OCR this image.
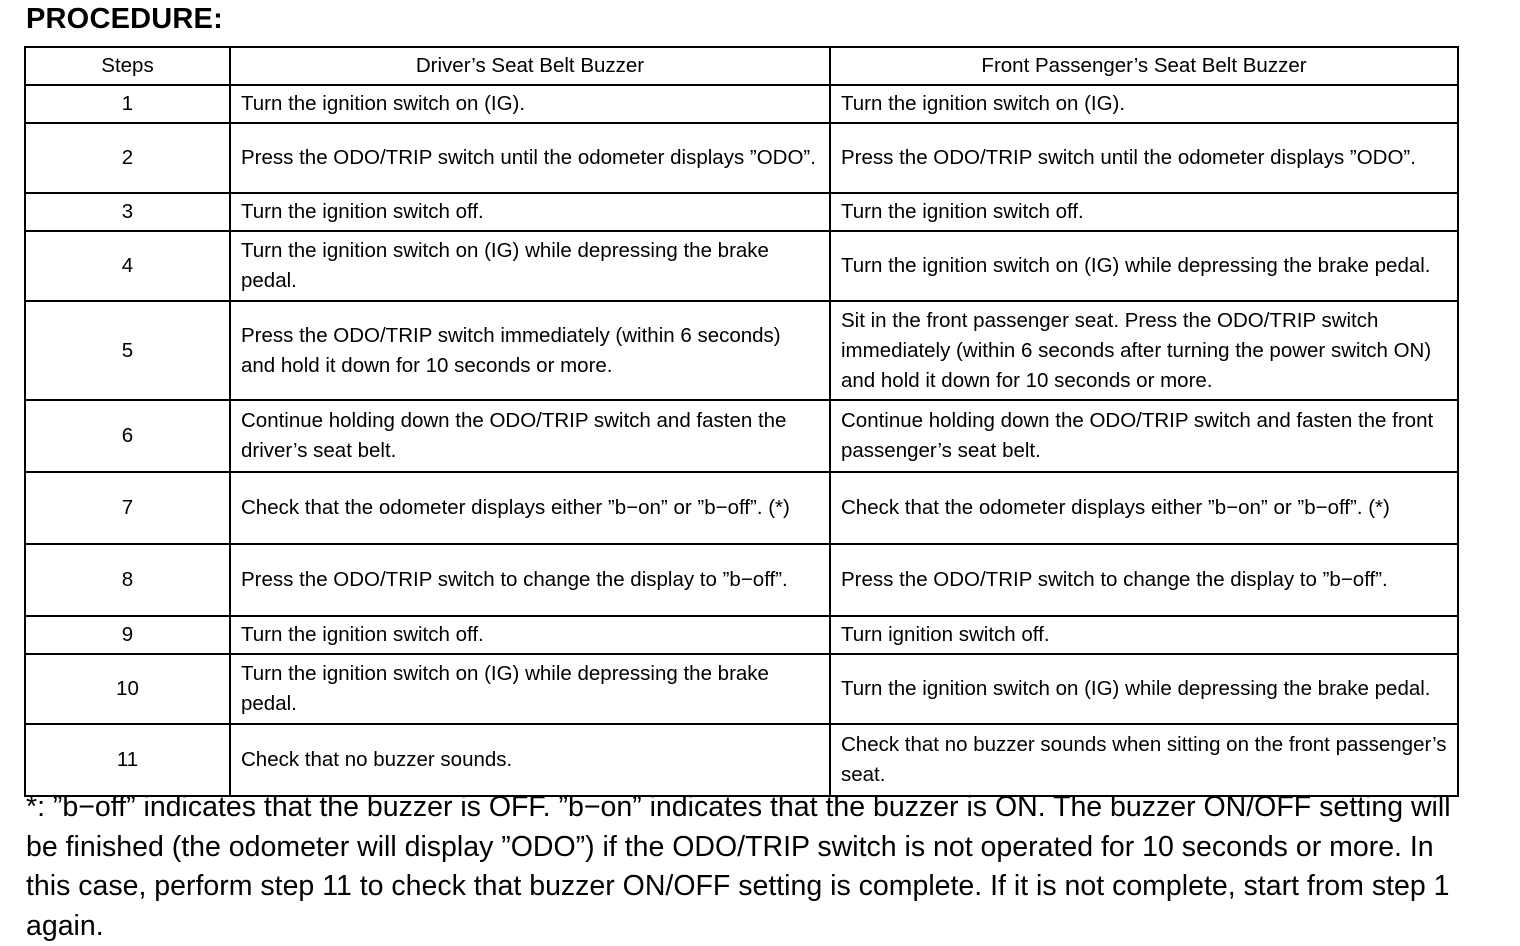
PROCEDURE:
Steps	Driver’s Seat Belt Buzzer	Front Passenger’s Seat Belt Buzzer
1	Turn the ignition switch on (IG).	Turn the ignition switch on (IG).
2	Press the ODO/TRIP switch until the odometer displays ”ODO”.	Press the ODO/TRIP switch until the odometer displays ”ODO”.
3	Turn the ignition switch off.	Turn the ignition switch off.
4	Turn the ignition switch on (IG) while depressing the brake pedal.	Turn the ignition switch on (IG) while depressing the brake pedal.
5	Press the ODO/TRIP switch immediately (within 6 seconds) and hold it down for 10 seconds or more.	Sit in the front passenger seat. Press the ODO/TRIP switch immediately (within 6 seconds after turning the power switch ON) and hold it down for 10 seconds or more.
6	Continue holding down the ODO/TRIP switch and fasten the driver’s seat belt.	Continue holding down the ODO/TRIP switch and fasten the front passenger’s seat belt.
7	Check that the odometer displays either ”b−on” or ”b−off”. (*)	Check that the odometer displays either ”b−on” or ”b−off”. (*)
8	Press the ODO/TRIP switch to change the display to ”b−off”.	Press the ODO/TRIP switch to change the display to ”b−off”.
9	Turn the ignition switch off.	Turn ignition switch off.
10	Turn the ignition switch on (IG) while depressing the brake pedal.	Turn the ignition switch on (IG) while depressing the brake pedal.
11	Check that no buzzer sounds.	Check that no buzzer sounds when sitting on the front passenger’s seat.
*: ”b−off” indicates that the buzzer is OFF. ”b−on” indicates that the buzzer is ON. The buzzer ON/OFF setting will be finished (the odometer will display ”ODO”) if the ODO/TRIP switch is not operated for 10 seconds or more. In this case, perform step 11 to check that buzzer ON/OFF setting is complete. If it is not complete, start from step 1 again.
